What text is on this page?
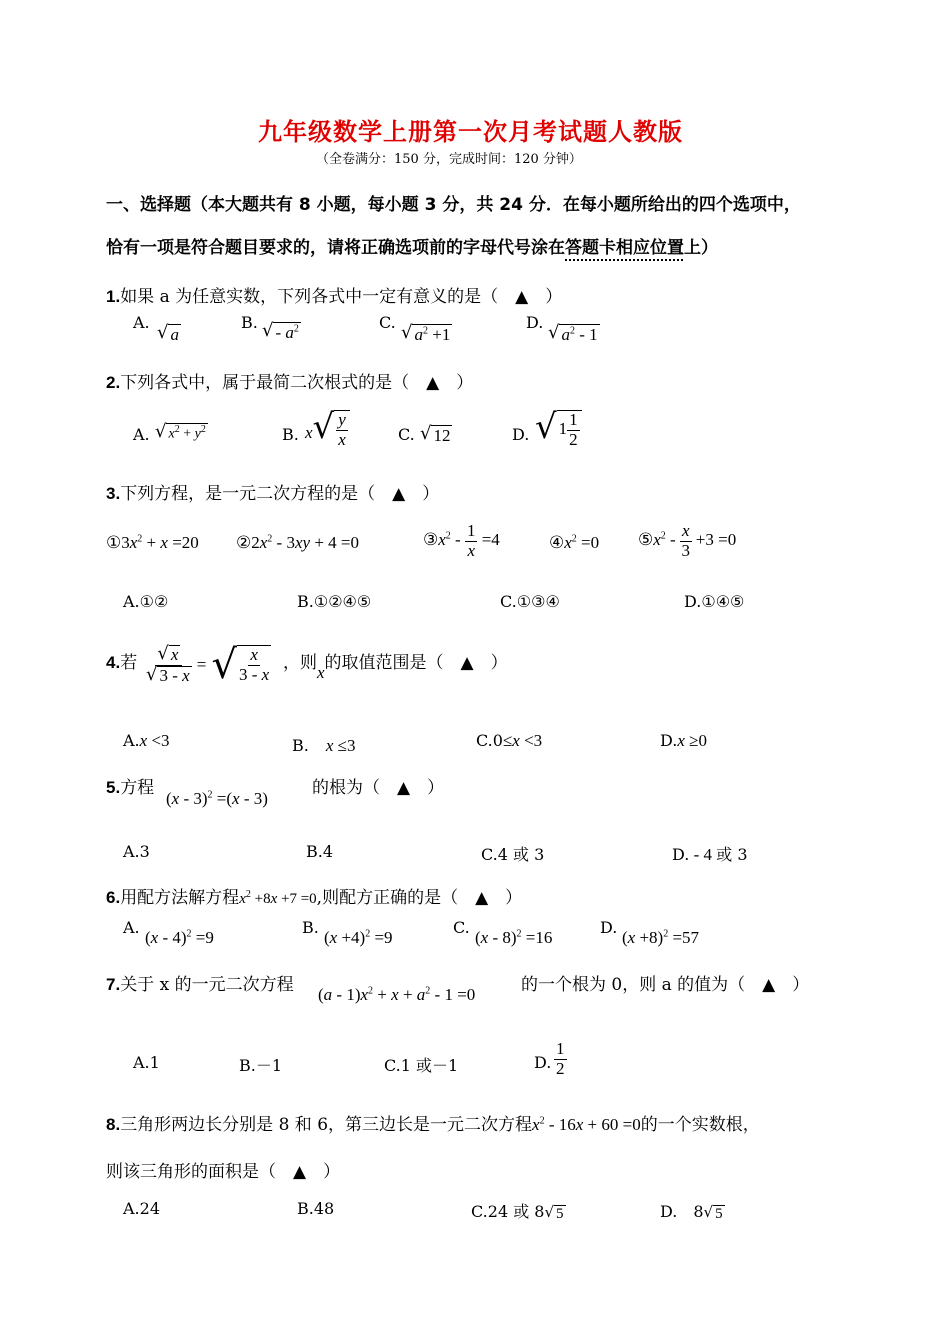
九年级数学上册第一次月考试题人教版
（全卷满分：150 分，完成时间：120 分钟）
一、选择题（本大题共有 8 小题，每小题 3 分，共 24 分．在每小题所给出的四个选项中，
恰有一项是符合题目要求的，请将正确选项前的字母代号涂在答题卡相应位置上）
1.如果 a 为任意实数，下列各式中一定有意义的是（　▲　）
A. √ a
B. √ - $a^2$	C. √ $a^2 +1$
D. √ $a^2 - 1$
2.下列各式中，属于最简二次根式的是（　▲　）
A. √ $x^2 + y^2$	B. x √ $\frac{y}{x}$	C. √ 12	D. √ $1 \frac{1}{2}$
3.下列方程，是一元二次方程的是（　▲　）
$①3x^2 + x =20$ $②2x^2 - 3xy + 4 =0$	$③x^2 - \frac{1}{x} =4$	$④x^2 =0$ $⑤x^2 - \frac{x}{3} +3 =0$
A.①②	B.①②④⑤	C.①③④	D.①④⑤
4.若 $\frac{√ x}{√ 3 - x}$ = √ $\frac{x}{3 - x}$ ，则x的取值范围是（　▲　）
A.x <3	B.　 x ≤3	C.0≤x <3	D.x ≥0
5.方程
(x - 3)$^2$ =(x - 3)
的根为（　▲　）
A.3	B.4	C.4 或 3	D. - 4 或 3
6.用配方法解方程$x^2 +8x +7 =0$,则配方正确的是（　▲　）
A.
(x - 4)$^2$ =9
B.
$(x +4)^2 =9$
C.
(x - 8)$^2$ =16
D.
$(x +8)^2 =57$
7.关于 x 的一元二次方程 $(a - 1)x^2 + x + a^2 - 1 =0$	的一个根为 0，则 a 的值为（　▲　）
A.1	B.－1	C.1 或－1	D. $\frac{1}{2}$
8.三角形两边长分别是 8 和 6，第三边长是一元二次方程$x^2 - 16x + 60 =0$的一个实数根，
则该三角形的面积是（　▲　）
A.24	B.48	C.24 或 8 √ 5	D.　8 √ 5
